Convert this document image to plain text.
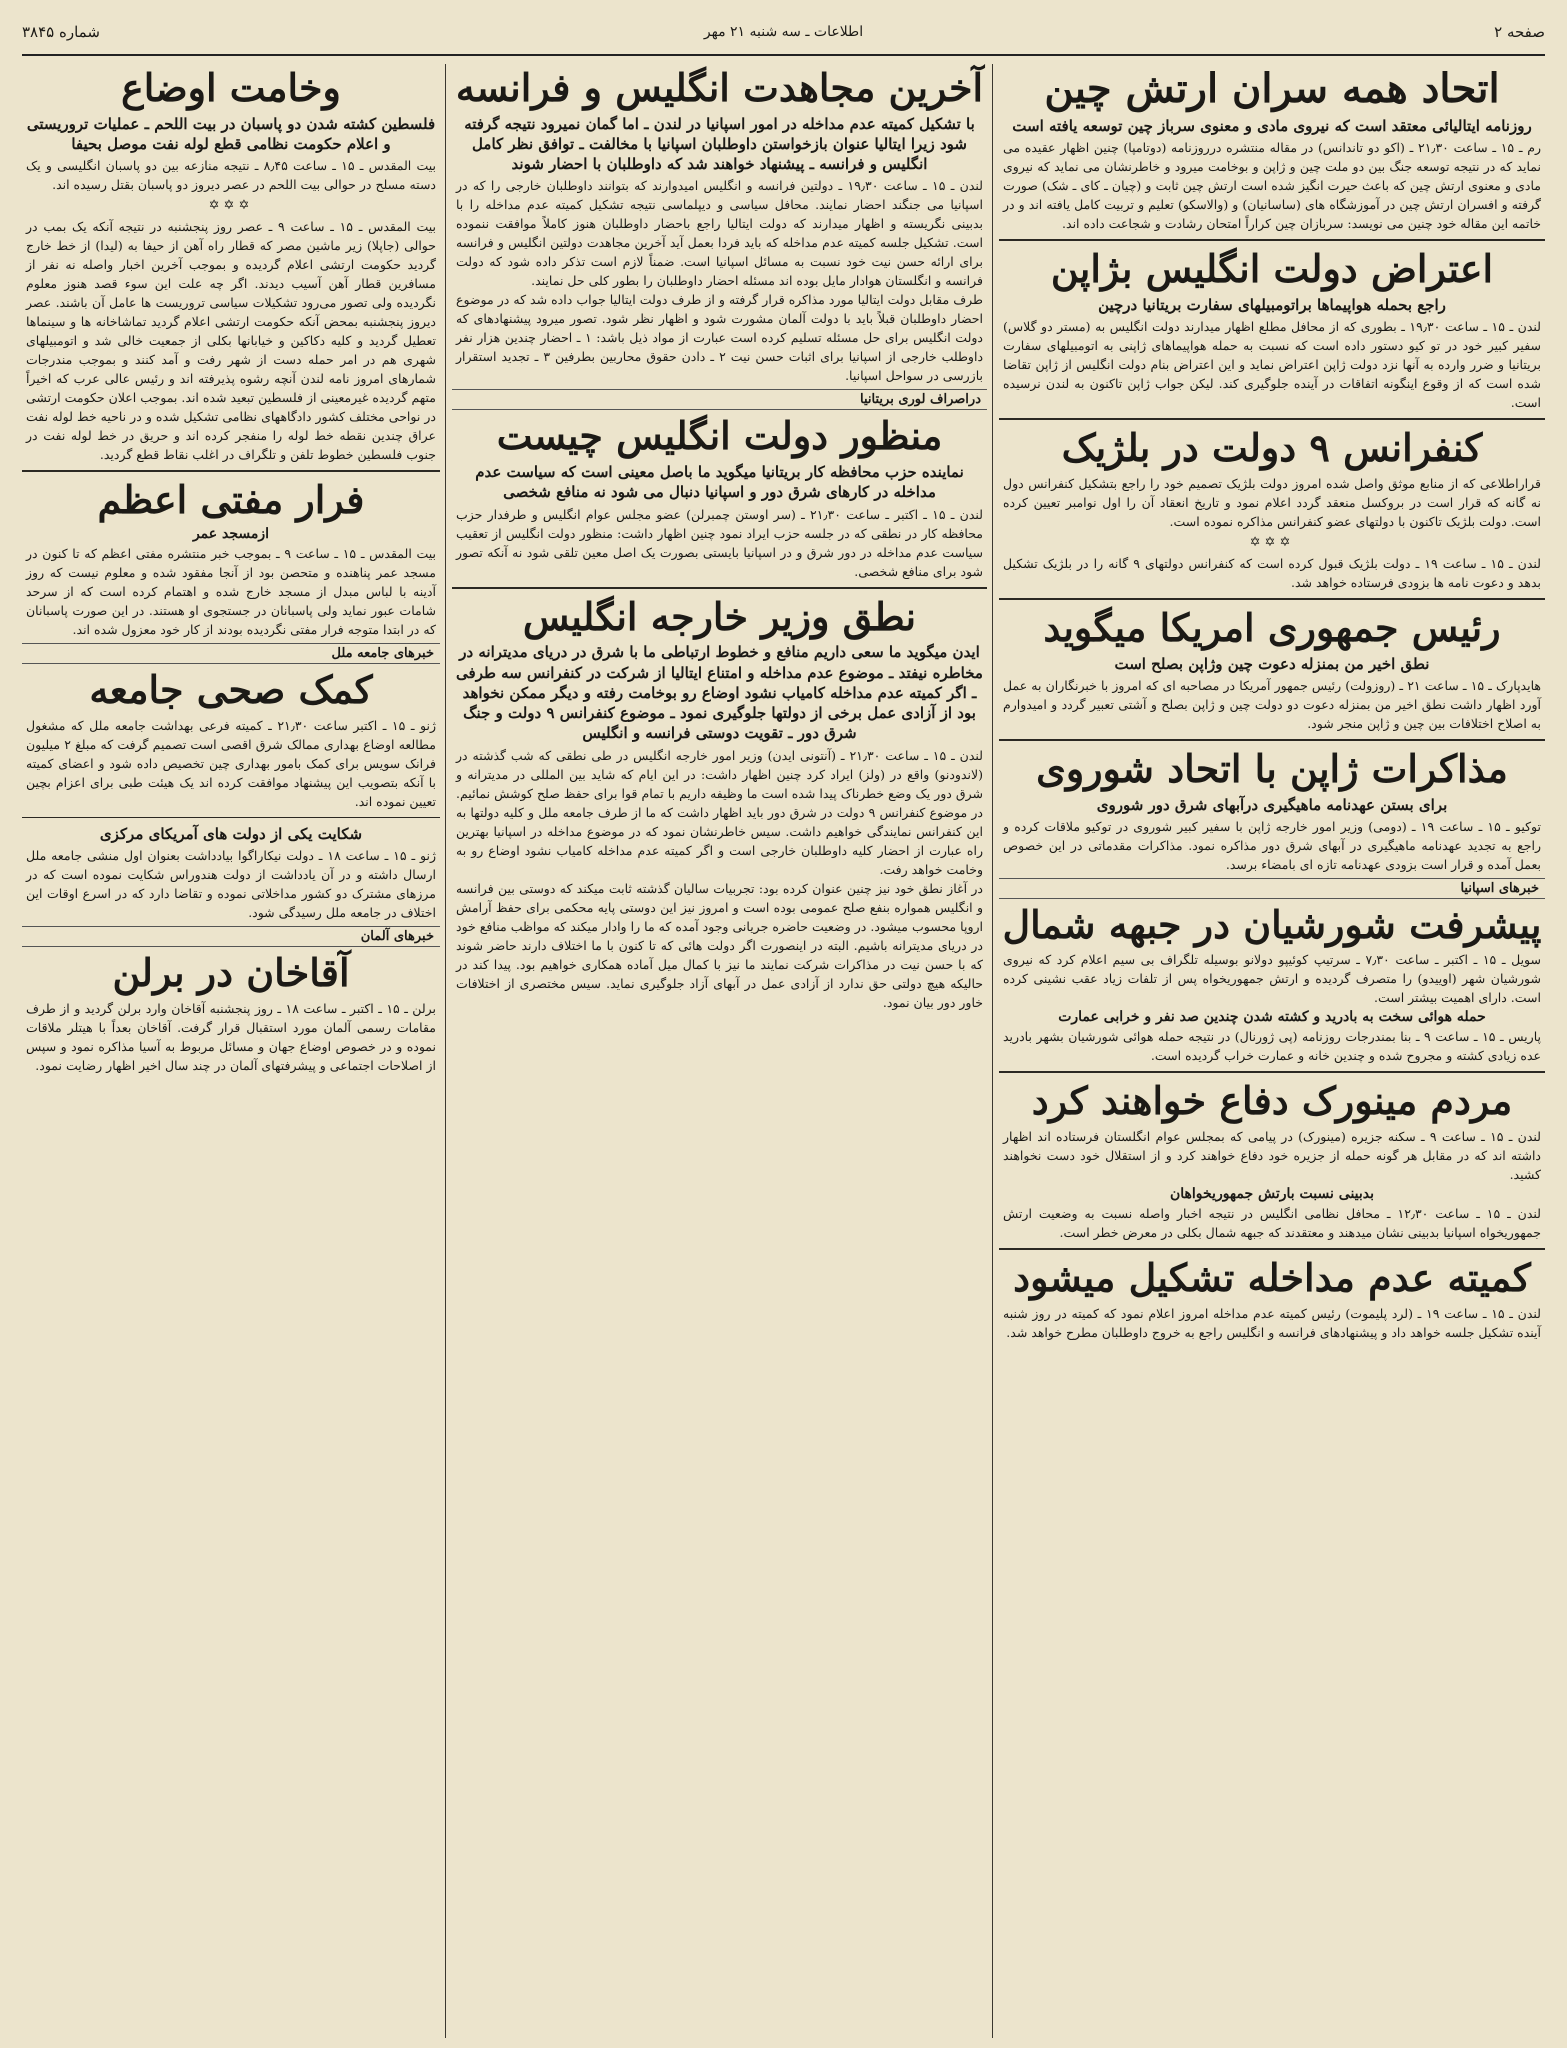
صفحه ۲
اطلاعات ـ سه شنبه ۲۱ مهر
شماره ۳۸۴۵
اتحاد همه سران ارتش چین
روزنامه ایتالیائی معتقد است که نیروی مادی و معنوی سرباز چین توسعه یافته است

رم ـ ۱۵ ـ ساعت ۲۱٫۳۰ ـ (اکو دو تاندانس) در مقاله منتشره درروزنامه (دوتامپا) چنین اظهار عقیده می نماید که در نتیجه توسعه جنگ بین دو ملت چین و ژاپن و بوخامت میرود و خاطرنشان می نماید که نیروی مادی و معنوی ارتش چین که باعث حیرت انگیز شده است ارتش چین ثابت و (چیان ـ کای ـ شک) صورت گرفته و افسران ارتش چین در آموزشگاه های (ساسانیان) و (والاسکو) تعلیم و تربیت کامل یافته اند و در خاتمه این مقاله خود چنین می نویسد: سربازان چین کراراً امتحان رشادت و شجاعت داده اند.

اعتراض دولت انگلیس بژاپن
راجع بحمله هواپیماها براتومبیلهای سفارت بریتانیا درچین

لندن ـ ۱۵ ـ ساعت ۱۹٫۳۰ ـ بطوری که از محافل مطلع اظهار میدارند دولت انگلیس به (مستر دو گلاس) سفیر کبیر خود در تو کیو دستور داده است که نسبت به حمله هواپیماهای ژاپنی به اتومبیلهای سفارت بریتانیا و ضرر وارده به آنها نزد دولت ژاپن اعتراض نماید و این اعتراض بنام دولت انگلیس از ژاپن تقاضا شده است که از وقوع اینگونه اتفاقات در آینده جلوگیری کند. لیکن جواب ژاپن تاکنون به لندن نرسیده است.

کنفرانس ۹ دولت در بلژیک

قراراطلاعی که از منابع موثق واصل شده امروز دولت بلژیک تصمیم خود را راجع بتشکیل کنفرانس دول نه گانه که قرار است در بروکسل منعقد گردد اعلام نمود و تاریخ انعقاد آن را اول نوامبر تعیین کرده است. دولت بلژیک تاکنون با دولتهای عضو کنفرانس مذاکره نموده است.

✡✡✡

لندن ـ ۱۵ ـ ساعت ۱۹ ـ دولت بلژیک قبول کرده است که کنفرانس دولتهای ۹ گانه را در بلژیک تشکیل بدهد و دعوت نامه ها بزودی فرستاده خواهد شد.

رئیس جمهوری امریکا میگوید
نطق اخیر من بمنزله دعوت چین وژاپن بصلح است

هایدپارک ـ ۱۵ ـ ساعت ۲۱ ـ (روزولت) رئیس جمهور آمریکا در مصاحبه ای که امروز با خبرنگاران به عمل آورد اظهار داشت نطق اخیر من بمنزله دعوت دو دولت چین و ژاپن بصلح و آشتی تعبیر گردد و امیدوارم به اصلاح اختلافات بین چین و ژاپن منجر شود.

مذاکرات ژاپن با اتحاد شوروی
برای بستن عهدنامه ماهیگیری درآبهای شرق دور شوروی

توکیو ـ ۱۵ ـ ساعت ۱۹ ـ (دومی) وزیر امور خارجه ژاپن با سفیر کبیر شوروی در توکیو ملاقات کرده و راجع به تجدید عهدنامه ماهیگیری در آبهای شرق دور مذاکره نمود. مذاکرات مقدماتی در این خصوص بعمل آمده و قرار است بزودی عهدنامه تازه ای بامضاء برسد.

خبرهای اسپانیا
پیشرفت شورشیان در جبهه شمال

سویل ـ ۱۵ ـ اکتبر ـ ساعت ۷٫۳۰ ـ سرتیپ کوئیپو دولانو بوسیله تلگراف بی سیم اعلام کرد که نیروی شورشیان شهر (اوییدو) را متصرف گردیده و ارتش جمهوریخواه پس از تلفات زیاد عقب نشینی کرده است. دارای اهمیت بیشتر است.

حمله هوائی سخت به بادرید و کشته شدن چندین صد نفر و خرابی عمارت

پاریس ـ ۱۵ ـ ساعت ۹ ـ بنا بمندرجات روزنامه (پی ژورنال) در نتیجه حمله هوائی شورشیان بشهر بادرید عده زیادی کشته و مجروح شده و چندین خانه و عمارت خراب گردیده است.

مردم مینورک دفاع خواهند کرد

لندن ـ ۱۵ ـ ساعت ۹ ـ سکنه جزیره (مینورک) در پیامی که بمجلس عوام انگلستان فرستاده اند اظهار داشته اند که در مقابل هر گونه حمله از جزیره خود دفاع خواهند کرد و از استقلال خود دست نخواهند کشید.

بدبینی نسبت بارتش جمهوریخواهان

لندن ـ ۱۵ ـ ساعت ۱۲٫۳۰ ـ محافل نظامی انگلیس در نتیجه اخبار واصله نسبت به وضعیت ارتش جمهوریخواه اسپانیا بدبینی نشان میدهند و معتقدند که جبهه شمال بکلی در معرض خطر است.

کمیته عدم مداخله تشکیل میشود

لندن ـ ۱۵ ـ ساعت ۱۹ ـ (لرد پلیموت) رئیس کمیته عدم مداخله امروز اعلام نمود که کمیته در روز شنبه آینده تشکیل جلسه خواهد داد و پیشنهادهای فرانسه و انگلیس راجع به خروج داوطلبان مطرح خواهد شد.

آخرین مجاهدت انگلیس و فرانسه
با تشکیل کمیته عدم مداخله در امور اسپانیا در لندن ـ اما گمان نمیرود نتیجه گرفته شود زیرا ایتالیا عنوان بازخواستن داوطلبان اسپانیا با مخالفت ـ توافق نظر کامل انگلیس و فرانسه ـ پیشنهاد خواهند شد که داوطلبان با احضار شوند

لندن ـ ۱۵ ـ ساعت ۱۹٫۳۰ ـ دولتین فرانسه و انگلیس امیدوارند که بتوانند داوطلبان خارجی را که در اسپانیا می جنگند احضار نمایند. محافل سیاسی و دیپلماسی نتیجه تشکیل کمیته عدم مداخله را با بدبینی نگریسته و اظهار میدارند که دولت ایتالیا راجع باحضار داوطلبان هنوز کاملاً موافقت ننموده است. تشکیل جلسه کمیته عدم مداخله که باید فردا بعمل آید آخرین مجاهدت دولتین انگلیس و فرانسه برای ارائه حسن نیت خود نسبت به مسائل اسپانیا است. ضمناً لازم است تذکر داده شود که دولت فرانسه و انگلستان هوادار مایل بوده اند مسئله احضار داوطلبان را بطور کلی حل نمایند.

طرف مقابل دولت ایتالیا مورد مذاکره قرار گرفته و از طرف دولت ایتالیا جواب داده شد که در موضوع احضار داوطلبان قبلاً باید با دولت آلمان مشورت شود و اظهار نظر شود. تصور میرود پیشنهادهای که دولت انگلیس برای حل مسئله تسلیم کرده است عبارت از مواد ذیل باشد: ۱ ـ احضار چندین هزار نفر داوطلب خارجی از اسپانیا برای اثبات حسن نیت ۲ ـ دادن حقوق محاربین بطرفین ۳ ـ تجدید استقرار بازرسی در سواحل اسپانیا.

دراصراف لوری بریتانیا
منظور دولت انگلیس چیست
نماینده حزب محافظه کار بریتانیا میگوید ما باصل معینی است که سیاست عدم مداخله در کارهای شرق دور و اسپانیا دنبال می شود نه منافع شخصی

لندن ـ ۱۵ ـ اکتبر ـ ساعت ۲۱٫۳۰ ـ (سر اوستن چمبرلن) عضو مجلس عوام انگلیس و طرفدار حزب محافظه کار در نطقی که در جلسه حزب ایراد نمود چنین اظهار داشت: منظور دولت انگلیس از تعقیب سیاست عدم مداخله در دور شرق و در اسپانیا بایستی بصورت یک اصل معین تلقی شود نه آنکه تصور شود برای منافع شخصی.

نطق وزیر خارجه انگلیس
ایدن میگوید ما سعی داریم منافع و خطوط ارتباطی ما با شرق در دریای مدیترانه در مخاطره نیفتد ـ موضوع عدم مداخله و امتناع ایتالیا از شرکت در کنفرانس سه طرفی ـ اگر کمیته عدم مداخله کامیاب نشود اوضاع رو بوخامت رفته و دیگر ممکن نخواهد بود از آزادی عمل برخی از دولتها جلوگیری نمود ـ موضوع کنفرانس ۹ دولت و جنگ شرق دور ـ تقویت دوستی فرانسه و انگلیس

لندن ـ ۱۵ ـ ساعت ۲۱٫۳۰ ـ (آنتونی ایدن) وزیر امور خارجه انگلیس در طی نطقی که شب گذشته در (لاندودنو) واقع در (ولز) ایراد کرد چنین اظهار داشت: در این ایام که شاید بین المللی در مدیترانه و شرق دور یک وضع خطرناک پیدا شده است ما وظیفه داریم با تمام قوا برای حفظ صلح کوشش نمائیم. در موضوع کنفرانس ۹ دولت در شرق دور باید اظهار داشت که ما از طرف جامعه ملل و کلیه دولتها به این کنفرانس نمایندگی خواهیم داشت. سیس خاطرنشان نمود که در موضوع مداخله در اسپانیا بهترین راه عبارت از احضار کلیه داوطلبان خارجی است و اگر کمیته عدم مداخله کامیاب نشود اوضاع رو به وخامت خواهد رفت.

در آغاز نطق خود نیز چنین عنوان کرده بود: تجربیات سالیان گذشته ثابت میکند که دوستی بین فرانسه و انگلیس همواره بنفع صلح عمومی بوده است و امروز نیز این دوستی پایه محکمی برای حفظ آرامش اروپا محسوب میشود. در وضعیت حاضره جریانی وجود آمده که ما را وادار میکند که مواظب منافع خود در دریای مدیترانه باشیم. البته در اینصورت اگر دولت هائی که تا کنون با ما اختلاف دارند حاضر شوند که با حسن نیت در مذاکرات شرکت نمایند ما نیز با کمال میل آماده همکاری خواهیم بود. پیدا کند در حالیکه هیچ دولتی حق ندارد از آزادی عمل در آبهای آزاد جلوگیری نماید. سیس مختصری از اختلافات خاور دور بیان نمود.

وخامت اوضاع
فلسطین کشته شدن دو پاسبان در بیت اللحم ـ عملیات تروریستی و اعلام حکومت نظامی قطع لوله نفت موصل بحیفا

بیت المقدس ـ ۱۵ ـ ساعت ۸٫۴۵ ـ نتیجه منازعه بین دو پاسبان انگلیسی و یک دسته مسلح در حوالی بیت اللحم در عصر دیروز دو پاسبان بقتل رسیده اند.

✡✡✡

بیت المقدس ـ ۱۵ ـ ساعت ۹ ـ عصر روز پنجشنبه در نتیجه آنکه یک بمب در حوالی (جاپلا) زیر ماشین مصر که قطار راه آهن از حیفا به (لیدا) از خط خارج گردید حکومت ارتشی اعلام گردیده و بموجب آخرین اخبار واصله نه نفر از مسافرین قطار آهن آسیب دیدند. اگر چه علت این سوء قصد هنوز معلوم نگردیده ولی تصور می‌رود تشکیلات سیاسی تروریست ها عامل آن باشند. عصر دیروز پنجشنبه بمحض آنکه حکومت ارتشی اعلام گردید تماشاخانه ها و سینماها تعطیل گردید و کلیه دکاکین و خیابانها بکلی از جمعیت خالی شد و اتومبیلهای شهری هم در امر حمله دست از شهر رفت و آمد کنند و بموجب مندرجات شمارهای امروز نامه لندن آنچه رشوه پذیرفته اند و رئیس عالی عرب که اخیراً متهم گردیده غیرمعینی از فلسطین تبعید شده اند. بموجب اعلان حکومت ارتشی در نواحی مختلف کشور دادگاههای نظامی تشکیل شده و در ناحیه خط لوله نفت عراق چندین نقطه خط لوله را منفجر کرده اند و حریق در خط لوله نفت در جنوب فلسطین خطوط تلفن و تلگراف در اغلب نقاط قطع گردید.

فرار مفتی اعظم
ازمسجد عمر

بیت المقدس ـ ۱۵ ـ ساعت ۹ ـ بموجب خبر منتشره مفتی اعظم که تا کنون در مسجد عمر پناهنده و متحصن بود از آنجا مفقود شده و معلوم نیست که روز آدینه با لباس مبدل از مسجد خارج شده و اهتمام کرده است که از سرحد شامات عبور نماید ولی پاسبانان در جستجوی او هستند. در این صورت پاسبانان که در ابتدا متوجه فرار مفتی نگردیده بودند از کار خود معزول شده اند.

خبرهای جامعه ملل
کمک صحی جامعه

ژنو ـ ۱۵ ـ اکتبر ساعت ۲۱٫۳۰ ـ کمیته فرعی بهداشت جامعه ملل که مشغول مطالعه اوضاع بهداری ممالک شرق اقصی است تصمیم گرفت که مبلغ ۲ میلیون فرانک سویس برای کمک بامور بهداری چین تخصیص داده شود و اعضای کمیته با آنکه بتصویب این پیشنهاد موافقت کرده اند یک هیئت طبی برای اعزام بچین تعیین نموده اند.

شکایت یکی از دولت های آمریکای مرکزی

ژنو ـ ۱۵ ـ ساعت ۱۸ ـ دولت نیکاراگوا بیادداشت بعنوان اول منشی جامعه ملل ارسال داشته و در آن یادداشت از دولت هندوراس شکایت نموده است که در مرزهای مشترک دو کشور مداخلاتی نموده و تقاضا دارد که در اسرع اوقات این اختلاف در جامعه ملل رسیدگی شود.

خبرهای آلمان
آقاخان در برلن

برلن ـ ۱۵ ـ اکتبر ـ ساعت ۱۸ ـ روز پنجشنبه آقاخان وارد برلن گردید و از طرف مقامات رسمی آلمان مورد استقبال قرار گرفت. آقاخان بعداً با هیتلر ملاقات نموده و در خصوص اوضاع جهان و مسائل مربوط به آسیا مذاکره نمود و سپس از اصلاحات اجتماعی و پیشرفتهای آلمان در چند سال اخیر اظهار رضایت نمود.
